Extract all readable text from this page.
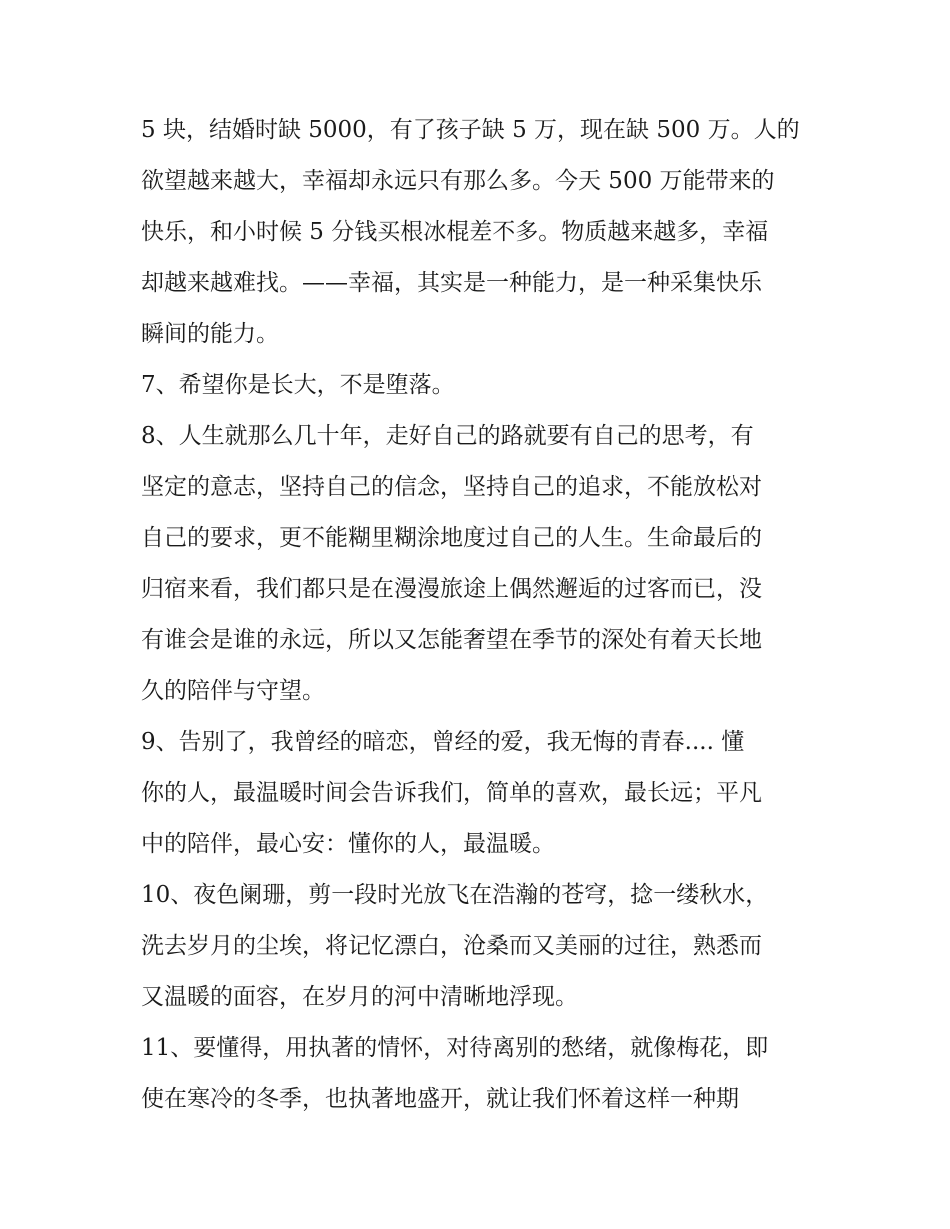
5 块，结婚时缺 5000，有了孩子缺 5 万，现在缺 500 万。人的
欲望越来越大，幸福却永远只有那么多。今天 500 万能带来的
快乐，和小时候 5 分钱买根冰棍差不多。物质越来越多，幸福
却越来越难找。——幸福，其实是一种能力，是一种采集快乐
瞬间的能力。
7、希望你是长大，不是堕落。
8、人生就那么几十年，走好自己的路就要有自己的思考，有
坚定的意志，坚持自己的信念，坚持自己的追求，不能放松对
自己的要求，更不能糊里糊涂地度过自己的人生。生命最后的
归宿来看，我们都只是在漫漫旅途上偶然邂逅的过客而已，没
有谁会是谁的永远，所以又怎能奢望在季节的深处有着天长地
久的陪伴与守望。
9、告别了，我曾经的暗恋，曾经的爱，我无悔的青春.... 懂
你的人，最温暖时间会告诉我们，简单的喜欢，最长远；平凡
中的陪伴，最心安：懂你的人，最温暖。
10、夜色阑珊，剪一段时光放飞在浩瀚的苍穹，捻一缕秋水，
洗去岁月的尘埃，将记忆漂白，沧桑而又美丽的过往，熟悉而
又温暖的面容，在岁月的河中清晰地浮现。
11、要懂得，用执著的情怀，对待离别的愁绪，就像梅花，即
使在寒冷的冬季，也执著地盛开，就让我们怀着这样一种期
